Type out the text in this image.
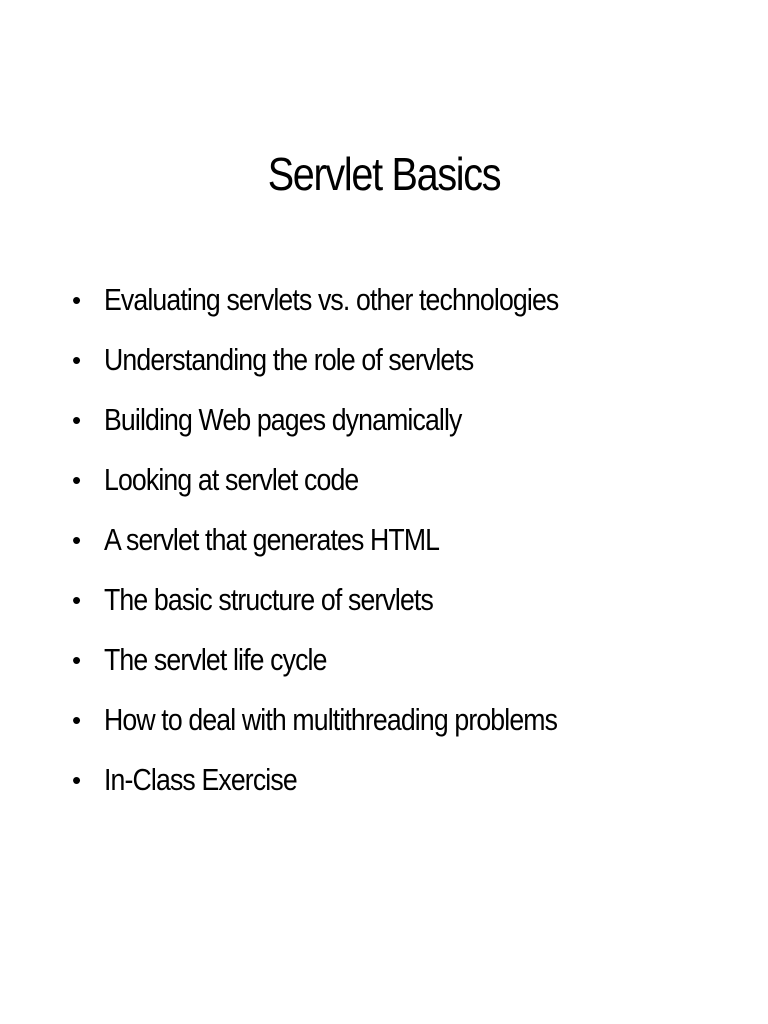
Servlet Basics
• Evaluating servlets vs. other technologies
• Understanding the role of servlets
• Building Web pages dynamically
• Looking at servlet code
• A servlet that generates HTML
• The basic structure of servlets
• The servlet life cycle
• How to deal with multithreading problems
• In-Class Exercise
